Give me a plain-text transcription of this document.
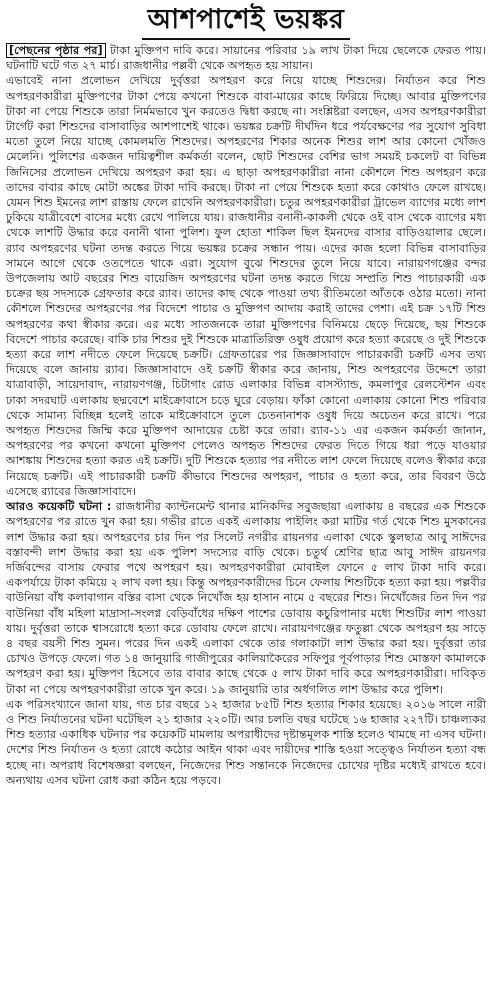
আশপাশেই ভয়ঙ্কর

[পেছনের পৃষ্ঠার পর] টাকা মুক্তিপণ দাবি করে। সায়ানের পরিবার ১৯ লাখ টাকা দিয়ে ছেলেকে ফেরত পায়। ঘটনাটি ঘটে গত ২৭ মার্চ। রাজধানীর পল্লবী থেকে অপহৃত হয় সায়ান।

এভাবেই নানা প্রলোভন দেখিয়ে দুর্বৃত্তরা অপহরণ করে নিয়ে যাচ্ছে শিশুদের। নির্যাতন করে শিশু অপহরণকারীরা মুক্তিপণের টাকা পেয়ে কখনো শিশুকে বাবা-মায়ের কাছে ফিরিয়ে দিচ্ছে। আবার মুক্তিপণের টাকা না পেয়ে শিশুকে তারা নির্মমভাবে খুন করতেও দ্বিধা করছে না। সংশ্লিষ্টরা বলছেন, এসব অপহরণকারীরা টার্গেট করা শিশুদের বাসাবাড়ির আশপাশেই থাকে। ভয়ঙ্কর চক্রটি দীর্ঘদিন ধরে পর্যবেক্ষণের পর সুযোগ সুবিধা মতো তুলে নিয়ে যাচ্ছে কোমলমতি শিশুদের। অপহরণের শিকার অনেক শিশুর লাশ আর কোনো খোঁজও মেলেনি। পুলিশের একজন দায়িত্বশীল কর্মকর্তা বলেন, ছোট শিশুদের বেশির ভাগ সময়ই চকলেট বা বিভিন্ন জিনিসের প্রলোভন দেখিয়ে অপহরণ করা হয়। এ ছাড়া অপহরণকারীরা নানা কৌশলে শিশু অপহরণ করে তাদের বাবার কাছে মোটা অঙ্কের টাকা দাবি করছে। টাকা না পেয়ে শিশুকে হত্যা করে কোথাও ফেলে রাখছে। যেমন শিশু ইমনের লাশ রাস্তায় ফেলে রাখেনি অপহরণকারীরা। চতুর অপহরণকারীরা ট্রাভেল ব্যাগের মধ্যে লাশ ঢুকিয়ে যাত্রীবেশে বাসের মধ্যে রেখে পালিয়ে যায়। রাজধানীর বনানী-কাকলী থেকে ওই বাস থেকে ব্যাগের মধ্য থেকে লাশটি উদ্ধার করে বনানী থানা পুলিশ। ফুল হোতা শাকিল ছিল ইমনদের বাসার বাড়িওয়ালার ছেলে। র‍্যাব অপহরণের ঘটনা তদন্ত করতে গিয়ে ভয়ঙ্কর চক্রের সন্ধান পায়। এদের কাজ হলো বিভিন্ন বাসাবাড়ির সামনে আগে থেকে ওতপেতে থাকে এরা। সুযোগ বুঝে শিশুদের তুলে নিয়ে যাবে। নারায়ণগঞ্জের বন্দর উপজেলায় আট বছরের শিশু বায়েজিদ অপহরণের ঘটনা তদন্ত করতে গিয়ে সম্প্রতি শিশু পাচারকারী এক চক্রের ছয় সদস্যকে গ্রেফতার করে র‍্যাব। তাদের কাছ থেকে পাওয়া তথ্য রীতিমতো আঁতকে ওঠার মতো। নানা কৌশলে শিশুদের অপহরণের পর বিদেশে পাচার ও মুক্তিপণ আদায় করাই তাদের পেশা। এই চক্র ১৭টি শিশু অপহরণের কথা স্বীকার করে। এর মধ্যে সাতজনকে তারা মুক্তিপণের বিনিময়ে ছেড়ে দিয়েছে, ছয় শিশুকে বিদেশে পাচার করেছে। বাকি চার শিশুর দুই শিশুকে মাত্রাতিরিক্ত ওষুধ প্রয়োগ করে হত্যা করেছে ও দুই শিশুকে হত্যা করে লাশ নদীতে ফেলে দিয়েছে চক্রটি। গ্রেফতারের পর জিজ্ঞাসাবাদে পাচারকারী চক্রটি এসব তথ্য দিয়েছে বলে জানায় র‍্যাব। জিজ্ঞাসাবাদে ওই চক্রটি স্বীকার করে জানায়, শিশু অপহরণের উদ্দেশে তারা যাত্রাবাড়ী, সায়েদাবাদ, নারায়ণগঞ্জ, চিটাগাং রোড এলাকার বিভিন্ন বাসস্ট্যান্ড, কমলাপুর রেলস্টেশন এবং ঢাকা সদরঘাট এলাকায় ছদ্মবেশে মাইক্রোবাসে চড়ে ঘুরে বেড়ায়। ফাঁকা কোনো এলাকায় কোনো শিশু পরিবার থেকে সামান্য বিচ্ছিন্ন হলেই তাকে মাইক্রোবাসে তুলে চেতনানাশক ওষুধ দিয়ে অচেতন করে রাখে। পরে অপহৃত শিশুদের জিম্মি করে মুক্তিপণ আদায়ের চেষ্টা করে তারা। র‍্যাব-১১ এর একজন কর্মকর্তা জানান, অপহরণের পর কখনো কখনো মুক্তিপণ পেলেও অপহৃত শিশুদের ফেরত দিতে গিয়ে ধরা পড়ে যাওয়ার আশঙ্কায় শিশুদের হত্যা করত এই চক্রটি। দুটি শিশুকে হত্যার পর নদীতে লাশ ফেলে দিয়েছে বলেও স্বীকার করে নিয়েছে চক্রটি। এই পাচারকারী চক্রটি কীভাবে শিশুদের অপহরণ, পাচার ও হত্যা করে, তার বিবরণ উঠে এসেছে র‍্যাবের জিজ্ঞাসাবাদে।

আরও কয়েকটি ঘটনা : রাজধানীর ক্যান্টনমেন্ট থানার মানিকদির সবুজছায়া এলাকায় ৪ বছরের এক শিশুকে অপহরণের পর রাতে খুন করা হয়। গভীর রাতে একই এলাকায় পাইলিং করা মাটির গর্ত থেকে শিশু মুসকানের লাশ উদ্ধার করা হয়। অপহরণের চার দিন পর সিলেট নগরীর রায়নগর এলাকা থেকে স্কুলছাত্র আবু সাঈদের বস্তাবন্দী লাশ উদ্ধার করা হয় এক পুলিশ সদস্যের বাড়ি থেকে। চতুর্থ শ্রেণির ছাত্র আবু সাঈদ রায়নগর দর্জিবন্দের বাসায় ফেরার পথে অপহরণ হয়। অপহরণকারীরা মোবাইল ফোনে ৫ লাখ টাকা দাবি করে। একপর্যায়ে টাকা কমিয়ে ২ লাখ বলা হয়। কিন্তু অপহরণকারীদের চিনে ফেলায় শিশুটিকে হত্যা করা হয়। পল্লবীর বাউনিয়া বাঁধ কলাবাগান বস্তির বাসা থেকে নিখোঁজ হয় হাসান নামে ৫ বছরের শিশু। নিখোঁজের তিন দিন পর বাউনিয়া বাঁধ মহিলা মাদ্রাসা-সংলগ্ন বেড়িবাঁধের দক্ষিণ পাশের ডোবায় কচুরিপানার মধ্যে শিশুটির লাশ পাওয়া যায়। দুর্বৃত্তরা তাকে শ্বাসরোধে হত্যা করে ডোবায় ফেলে রাখে। নারায়ণগঞ্জের ফতুল্লা থেকে অপহরণ হয় সাড়ে ৪ বছর বয়সী শিশু সুমন। পরের দিন একই এলাকা থেকে তার গলাকাটা লাশ উদ্ধার করা হয়। দুর্বৃত্তরা তার চোখও উপড়ে ফেলে। গত ১৪ জানুয়ারি গাজীপুরের কালিয়াকৈরের সফিপুর পূর্বপাড়ার শিশু মোস্তফা কামালকে অপহরণ করা হয়। মুক্তিপণ হিসেবে তার বাবার কাছে থেকে ৫ লাখ টাকা দাবি করে অপহরণকারীরা। দাবিকৃত টাকা না পেয়ে অপহরণকারীরা তাকে খুন করে। ১৯ জানুয়ারি তার অর্ধগলিত লাশ উদ্ধার করে পুলিশ।

এক পরিসংখ্যানে জানা যায়, গত চার বছরে ১২ হাজার ৮৫টি শিশু হত্যার শিকার হয়েছে। ২০১৬ সালে নারী ও শিশু নির্যাতনের ঘটনা ঘটেছিল ২১ হাজার ২২০টি। আর চলতি বছর ঘটেছে ১৬ হাজার ২২৭টি। চাঞ্চল্যকর শিশু হত্যার একাধিক ঘটনার পর কয়েকটি মামলায় অপরাধীদের দৃষ্টান্তমূলক শাস্তি হলেও থামছে না এসব ঘটনা। দেশের শিশু নির্যাতন ও হত্যা রোধে কঠোর আইন থাকা এবং দায়ীদের শাস্তি হওয়া সত্ত্বেও নির্যাতন হত্যা বন্ধ হচ্ছে না। অপরাধ বিশেষজ্ঞরা বলছেন, নিজেদের শিশু সন্তানকে নিজেদের চোখের দৃষ্টির মধ্যেই রাখতে হবে। অন্যথায় এসব ঘটনা রোধ করা কঠিন হয়ে পড়বে।
